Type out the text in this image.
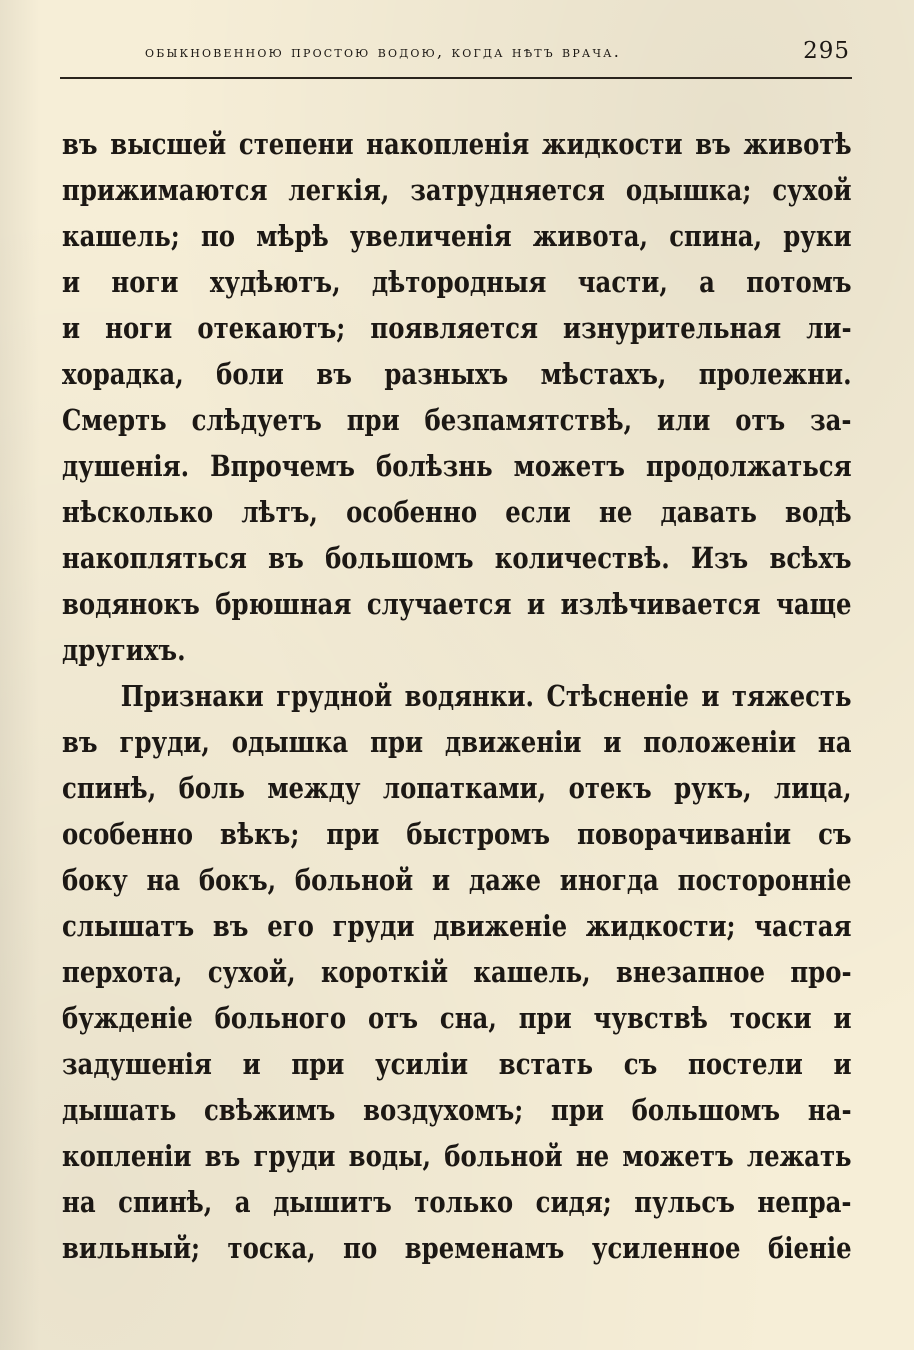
обыкновенною простою водою, когда нѣтъ врача.	295
въ высшей степени накопленія жидкости въ животѣ
прижимаются легкія, затрудняется одышка; сухой
кашель; по мѣрѣ увеличенія живота, спина, руки
и ноги худѣютъ, дѣтородныя части, а потомъ
и ноги отекаютъ; появляется изнурительная ли-
хорадка, боли въ разныхъ мѣстахъ, пролежни.
Смерть слѣдуетъ при безпамятствѣ, или отъ за-
душенія. Впрочемъ болѣзнь можетъ продолжаться
нѣсколько лѣтъ, особенно если не давать водѣ
накопляться въ большомъ количествѣ. Изъ всѣхъ
водянокъ брюшная случается и излѣчивается чаще
другихъ.
Признаки грудной водянки. Стѣсненіе и тяжесть
въ груди, одышка при движеніи и положеніи на
спинѣ, боль между лопатками, отекъ рукъ, лица,
особенно вѣкъ; при быстромъ поворачиваніи съ
боку на бокъ, больной и даже иногда посторонніе
слышатъ въ его груди движеніе жидкости; частая
перхота, сухой, короткій кашель, внезапное про-
бужденіе больного отъ сна, при чувствѣ тоски и
задушенія и при усиліи встать съ постели и
дышать свѣжимъ воздухомъ; при большомъ на-
копленіи въ груди воды, больной не можетъ лежать
на спинѣ, а дышитъ только сидя; пульсъ непра-
вильный; тоска, по временамъ усиленное біеніе
